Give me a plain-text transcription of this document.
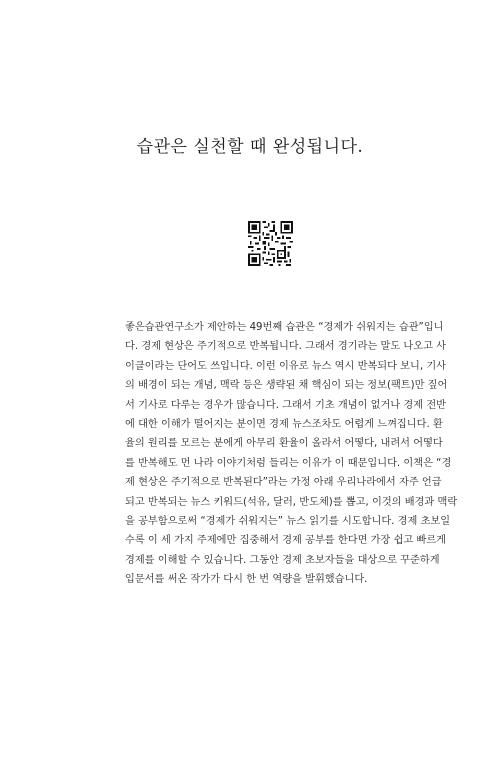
습관은 실천할 때 완성됩니다.
좋은습관연구소가 제안하는 49번째 습관은 “경제가 쉬워지는 습관”입니
다. 경제 현상은 주기적으로 반복됩니다. 그래서 경기라는 말도 나오고 사
이클이라는 단어도 쓰입니다. 이런 이유로 뉴스 역시 반복되다 보니, 기사
의 배경이 되는 개념, 맥락 등은 생략된 채 핵심이 되는 정보(팩트)만 짚어
서 기사로 다루는 경우가 많습니다. 그래서 기초 개념이 없거나 경제 전반
에 대한 이해가 떨어지는 분이면 경제 뉴스조차도 어렵게 느껴집니다. 환
율의 원리를 모르는 분에게 아무리 환율이 올라서 어떻다, 내려서 어떻다
를 반복해도 먼 나라 이야기처럼 들리는 이유가 이 때문입니다. 이책은 “경
제 현상은 주기적으로 반복된다”라는 가정 아래 우리나라에서 자주 언급
되고 반복되는 뉴스 키워드(석유, 달러, 반도체)를 뽑고, 이것의 배경과 맥락
을 공부함으로써 “경제가 쉬워지는” 뉴스 읽기를 시도합니다. 경제 초보일
수록 이 세 가지 주제에만 집중해서 경제 공부를 한다면 가장 쉽고 빠르게
경제를 이해할 수 있습니다. 그동안 경제 초보자들을 대상으로 꾸준하게
입문서를 써온 작가가 다시 한 번 역량을 발휘했습니다.
